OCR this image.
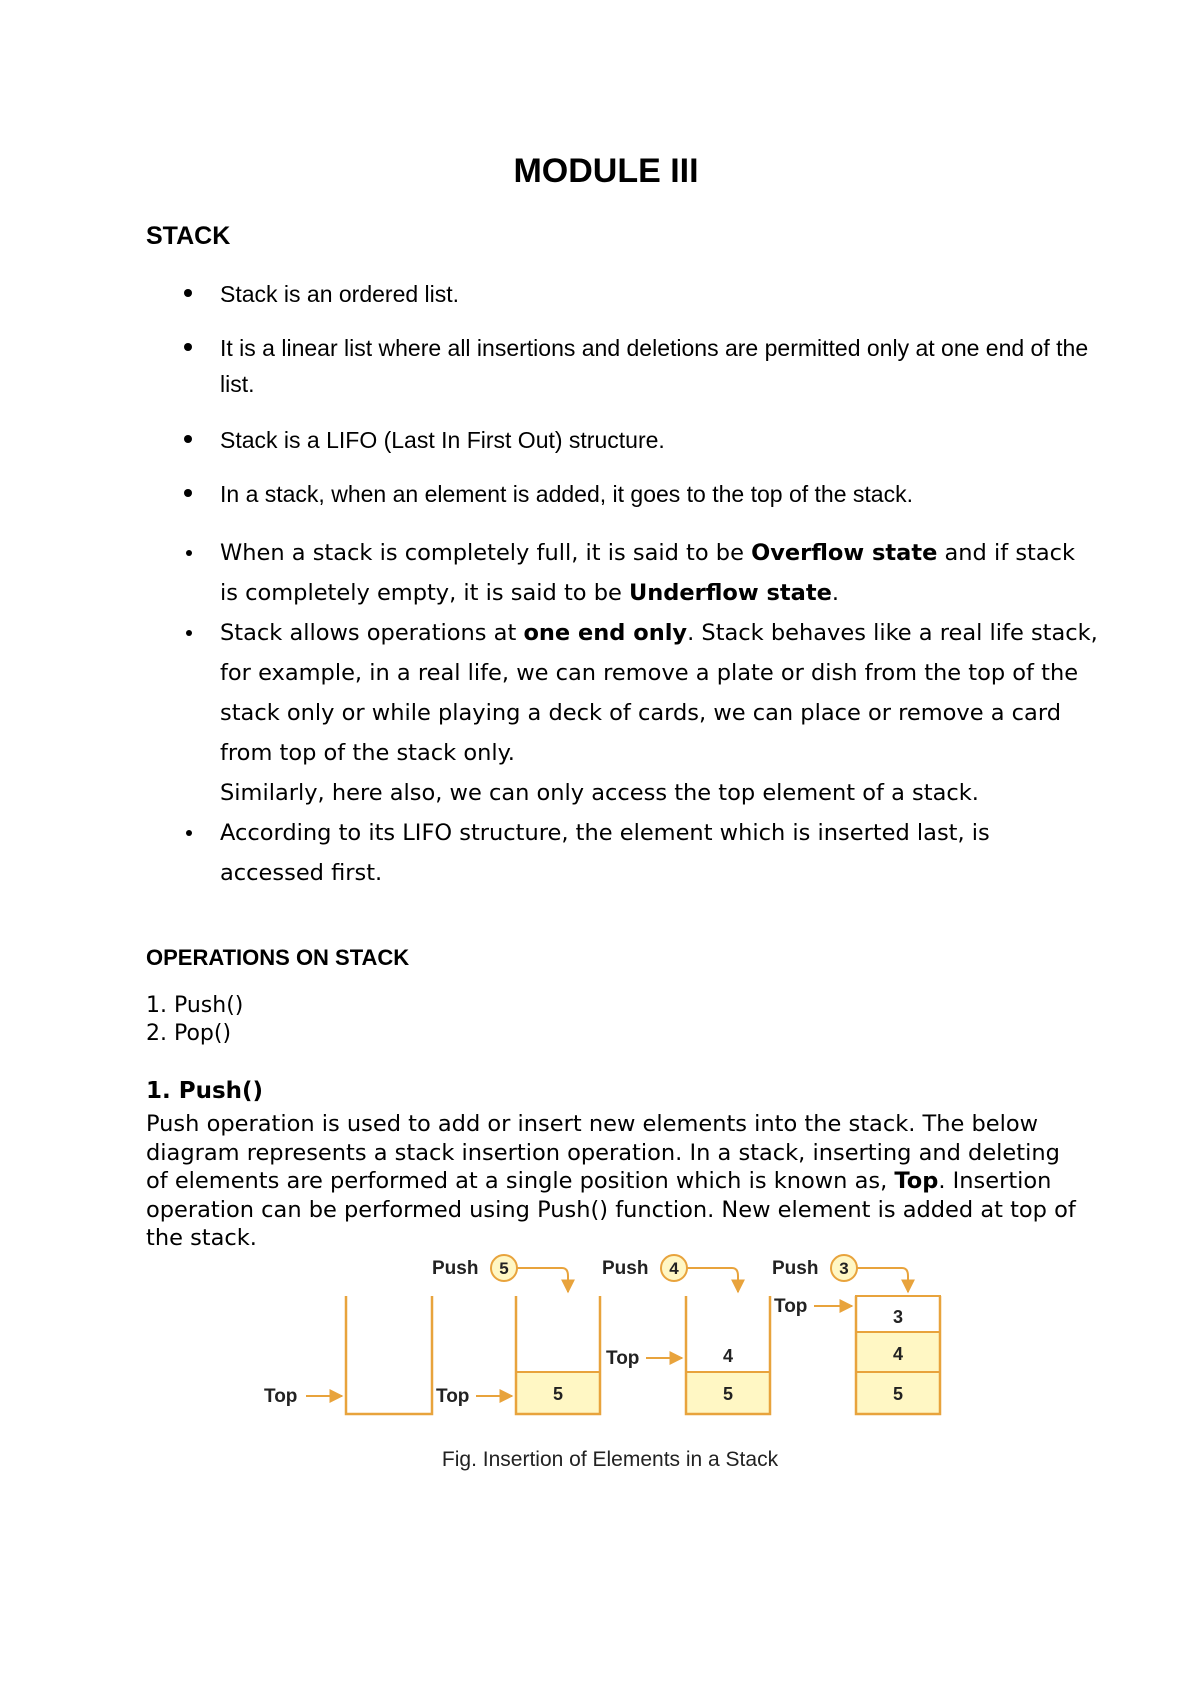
MODULE III
STACK
Stack is an ordered list.
It is a linear list where all insertions and deletions are permitted only at one end of the list.
Stack is a LIFO (Last In First Out) structure.
In a stack, when an element is added, it goes to the top of the stack.
When a stack is completely full, it is said to be Overflow state and if stack is completely empty, it is said to be Underflow state.
Stack allows operations at one end only. Stack behaves like a real life stack, for example, in a real life, we can remove a plate or dish from the top of the stack only or while playing a deck of cards, we can place or remove a card from top of the stack only.
Similarly, here also, we can only access the top element of a stack.
According to its LIFO structure, the element which is inserted last, is accessed first.
OPERATIONS ON STACK
1. Push()
2. Pop()
1. Push()
Push operation is used to add or insert new elements into the stack. The below diagram represents a stack insertion operation. In a stack, inserting and deleting of elements are performed at a single position which is known as, Top. Insertion operation can be performed using Push() function. New element is added at top of the stack.
Top	5
Top
Push 5
5
4
Top
Push 4
5
4
3
Top
Push 3
Fig. Insertion of Elements in a Stack
